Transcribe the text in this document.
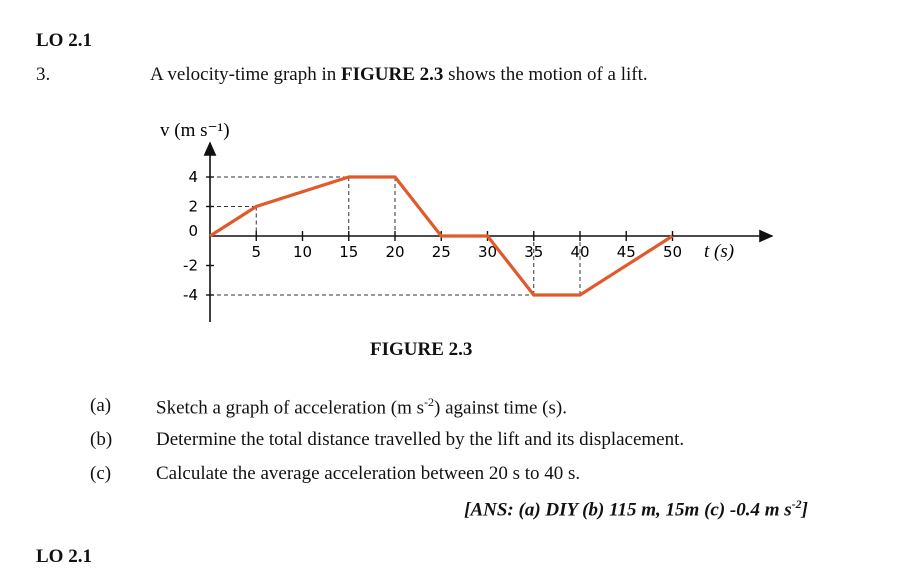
LO 2.1
3.	A velocity-time graph in FIGURE 2.3 shows the motion of a lift.
5 10 15 20 25 30 35 40 45 50
4
2
0
-2
-4
v (m s⁻¹)
t (s)
FIGURE 2.3
(a) Sketch a graph of acceleration (m $s^{-2}$) against time (s).
(b) Determine the total distance travelled by the lift and its displacement.
(c) Calculate the average acceleration between 20 s to 40 s.
[ANS: (a) DIY (b) 115 m, 15m (c) -0.4 m $s^{-2}$]
LO 2.1
